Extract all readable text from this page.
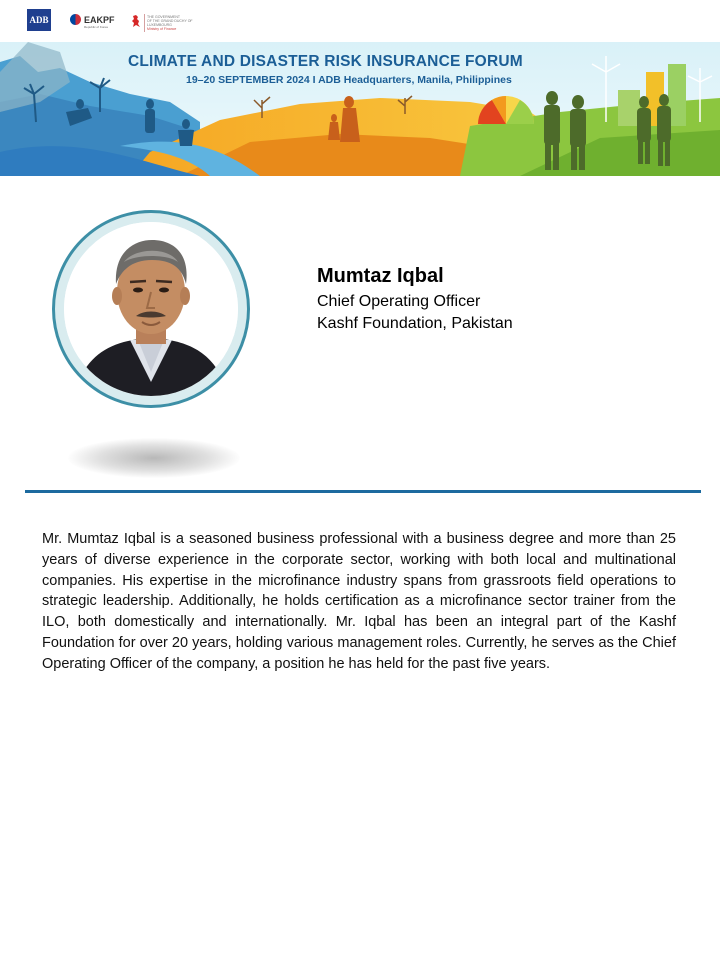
ADB	EAKPF
Republic of Korea
THE GOVERNMENT
OF THE GRAND DUCHY OF LUXEMBOURG
Ministry of Finance
CLIMATE AND DISASTER RISK INSURANCE FORUM
19–20 SEPTEMBER 2024 I ADB Headquarters, Manila, Philippines
Mumtaz Iqbal
Chief Operating Officer
Kashf Foundation, Pakistan
Mr. Mumtaz Iqbal is a seasoned business professional with a business degree and more than 25 years of diverse experience in the corporate sector, working with both local and multinational companies. His expertise in the microfinance industry spans from grassroots field operations to strategic leadership. Additionally, he holds certification as a microfinance sector trainer from the ILO, both domestically and internationally. Mr. Iqbal has been an integral part of the Kashf Foundation for over 20 years, holding various management roles. Currently, he serves as the Chief Operating Officer of the company, a position he has held for the past five years.
